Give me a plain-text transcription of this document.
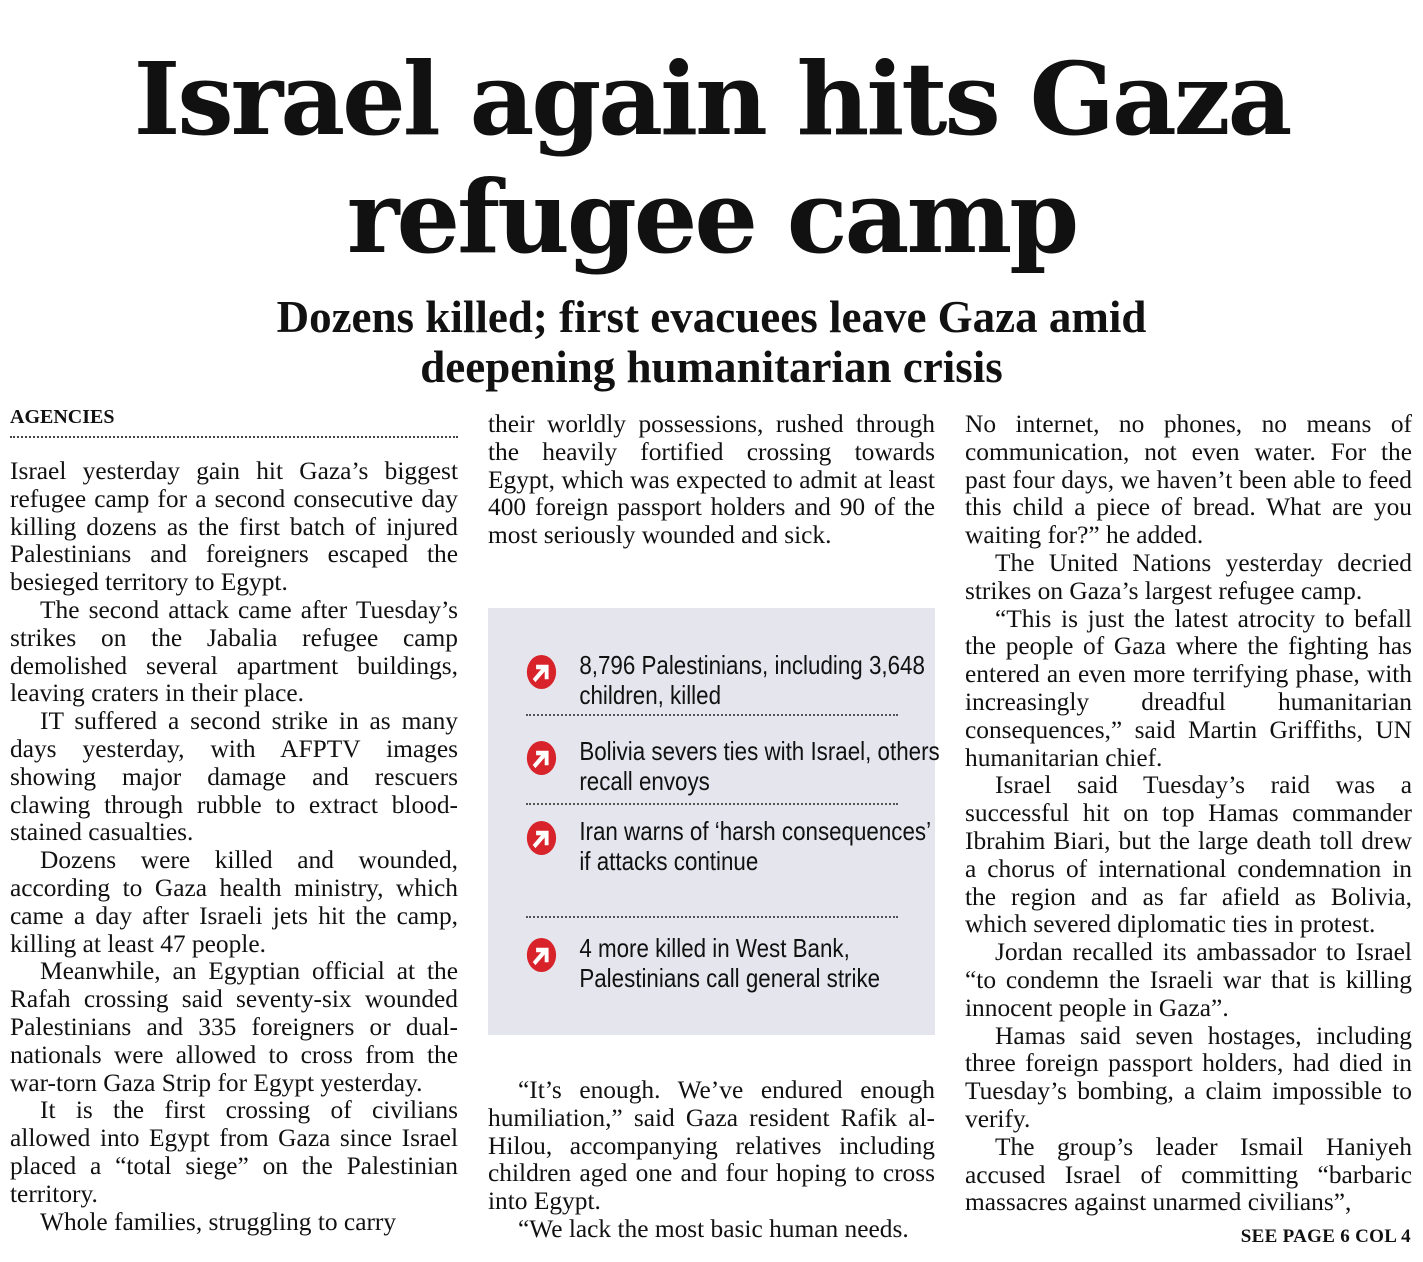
Israel again hits Gaza
refugee camp
Dozens killed; first evacuees leave Gaza amid
deepening humanitarian crisis
AGENCIES

Israel yesterday gain hit Gaza’s biggest refugee camp for a second consecutive day killing dozens as the first batch of injured Palestinians and foreigners escaped the besieged territory to Egypt.

The second attack came after Tuesday’s strikes on the Jabalia refugee camp demolished several apartment buildings, leaving craters in their place.

IT suffered a second strike in as many days yesterday, with AFPTV images showing major damage and rescuers clawing through rubble to extract blood-stained casualties.

Dozens were killed and wounded, according to Gaza health ministry, which came a day after Israeli jets hit the camp, killing at least 47 people.

Meanwhile, an Egyptian official at the Rafah crossing said seventy-six wounded Palestinians and 335 foreigners or dual-nationals were allowed to cross from the war-torn Gaza Strip for Egypt yesterday.

It is the first crossing of civilians allowed into Egypt from Gaza since Israel placed a “total siege” on the Palestinian territory.

Whole families, struggling to carry

their worldly possessions, rushed through the heavily fortified crossing towards Egypt, which was expected to admit at least 400 foreign passport holders and 90 of the most seriously wounded and sick.

8,796 Palestinians, including 3,648 children, killed
Bolivia severs ties with Israel, others recall envoys
Iran warns of ‘harsh consequences’ if attacks continue
4 more killed in West Bank, Palestinians call general strike

“It’s enough. We’ve endured enough humiliation,” said Gaza resident Rafik al-Hilou, accompanying relatives including children aged one and four hoping to cross into Egypt.

“We lack the most basic human needs.

No internet, no phones, no means of communication, not even water. For the past four days, we haven’t been able to feed this child a piece of bread. What are you waiting for?” he added.

The United Nations yesterday decried strikes on Gaza’s largest refugee camp.

“This is just the latest atrocity to befall the people of Gaza where the fighting has entered an even more terrifying phase, with increasingly dreadful humanitarian consequences,” said Martin Griffiths, UN humanitarian chief.

Israel said Tuesday’s raid was a successful hit on top Hamas commander Ibrahim Biari, but the large death toll drew a chorus of international condemnation in the region and as far afield as Bolivia, which severed diplomatic ties in protest.

Jordan recalled its ambassador to Israel “to condemn the Israeli war that is killing innocent people in Gaza”.

Hamas said seven hostages, including three foreign passport holders, had died in Tuesday’s bombing, a claim impossible to verify.

The group’s leader Ismail Haniyeh accused Israel of committing “barbaric massacres against unarmed civilians”,

SEE PAGE 6 COL 4
